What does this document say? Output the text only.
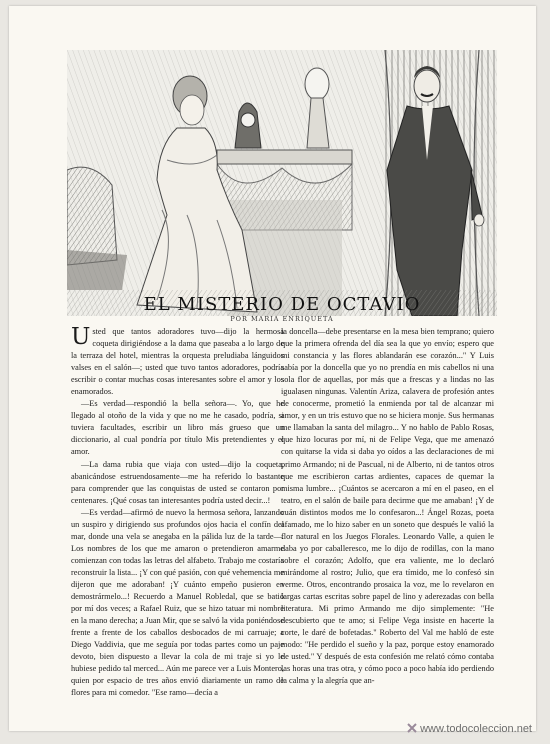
EL MISTERIO DE OCTAVIO
POR MARIA ENRIQUETA

Usted que tantos adoradores tuvo—dijo la hermosa coqueta dirigiéndose a la dama que paseaba a lo largo de la terraza del hotel, mientras la orquesta preludiaba lánguidos valses en el salón—; usted que tuvo tantos adoradores, podría escribir o contar muchas cosas interesantes sobre el amor y los enamorados.

—Es verdad—respondió la bella señora—. Yo, que he llegado al otoño de la vida y que no me he casado, podría, si tuviera facultades, escribir un libro más grueso que un diccionario, al cual pondría por título Mis pretendientes y el amor.

—La dama rubia que viaja con usted—dijo la coqueta, abanicándose estruendosamente—me ha referido lo bastante para comprender que las conquistas de usted se contaron por centenares. ¡Qué cosas tan interesantes podría usted decir...!

—Es verdad—afirmó de nuevo la hermosa señora, lanzando un suspiro y dirigiendo sus profundos ojos hacia el confín del mar, donde una vela se anegaba en la pálida luz de la tarde—. Los nombres de los que me amaron o pretendieron amarme comienzan con todas las letras del alfabeto. Trabajo me costaría reconstruir la lista... ¡Y con qué pasión, con qué vehemencia me dijeron que me adoraban! ¡Y cuánto empeño pusieron en demostrármelo...! Recuerdo a Manuel Robledal, que se batió por mí dos veces; a Rafael Ruiz, que se hizo tatuar mi nombre en la mano derecha; a Juan Mir, que se salvó la vida poniéndose frente a frente de los caballos desbocados de mi carruaje; a Diego Vaddivia, que me seguía por todas partes como un paje devoto, bien dispuesto a llevar la cola de mi traje si yo le hubiese pedido tal merced... Aún me parece ver a Luis Montero, quien por espacio de tres años envió diariamente un ramo de flores para mi comedor. "Ese ramo—decía a

la doncella—debe presentarse en la mesa bien temprano; quiero que la primera ofrenda del día sea la que yo envío; espero que mi constancia y las flores ablandarán ese corazón..." Y Luis sabía por la doncella que yo no prendía en mis cabellos ni una sola flor de aquellas, por más que a frescas y a lindas no las igualasen ningunas. Valentín Ariza, calavera de profesión antes de conocerme, prometió la enmienda por tal de alcanzar mi amor, y en un tris estuvo que no se hiciera monje. Sus hermanas me llamaban la santa del milagro... Y no hablo de Pablo Rosas, que hizo locuras por mí, ni de Felipe Vega, que me amenazó con quitarse la vida si daba yo oídos a las declaraciones de mi primo Armando; ni de Pascual, ni de Alberto, ni de tantos otros que me escribieron cartas ardientes, capaces de quemar la misma lumbre... ¡Cuántos se acercaron a mí en el paseo, en el teatro, en el salón de baile para decirme que me amaban! ¡Y de cuán distintos modos me lo confesaron...! Ángel Rozas, poeta afamado, me lo hizo saber en un soneto que después le valió la flor natural en los Juegos Florales. Leonardo Valle, a quien le daba yo por caballeresco, me lo dijo de rodillas, con la mano sobre el corazón; Adolfo, que era valiente, me lo declaró mirándome al rostro; Julio, que era tímido, me lo confesó sin verme. Otros, encontrando prosaica la voz, me lo revelaron en largas cartas escritas sobre papel de lino y aderezadas con bella literatura. Mi primo Armando me dijo simplemente: "He descubierto que te amo; si Felipe Vega insiste en hacerte la corte, le daré de bofetadas." Roberto del Val me habló de este modo: "He perdido el sueño y la paz, porque estoy enamorado de usted." Y después de esta confesión me relató cómo contaba las horas una tras otra, y cómo poco a poco había ido perdiendo la calma y la alegría que an-

www.todocoleccion.net
